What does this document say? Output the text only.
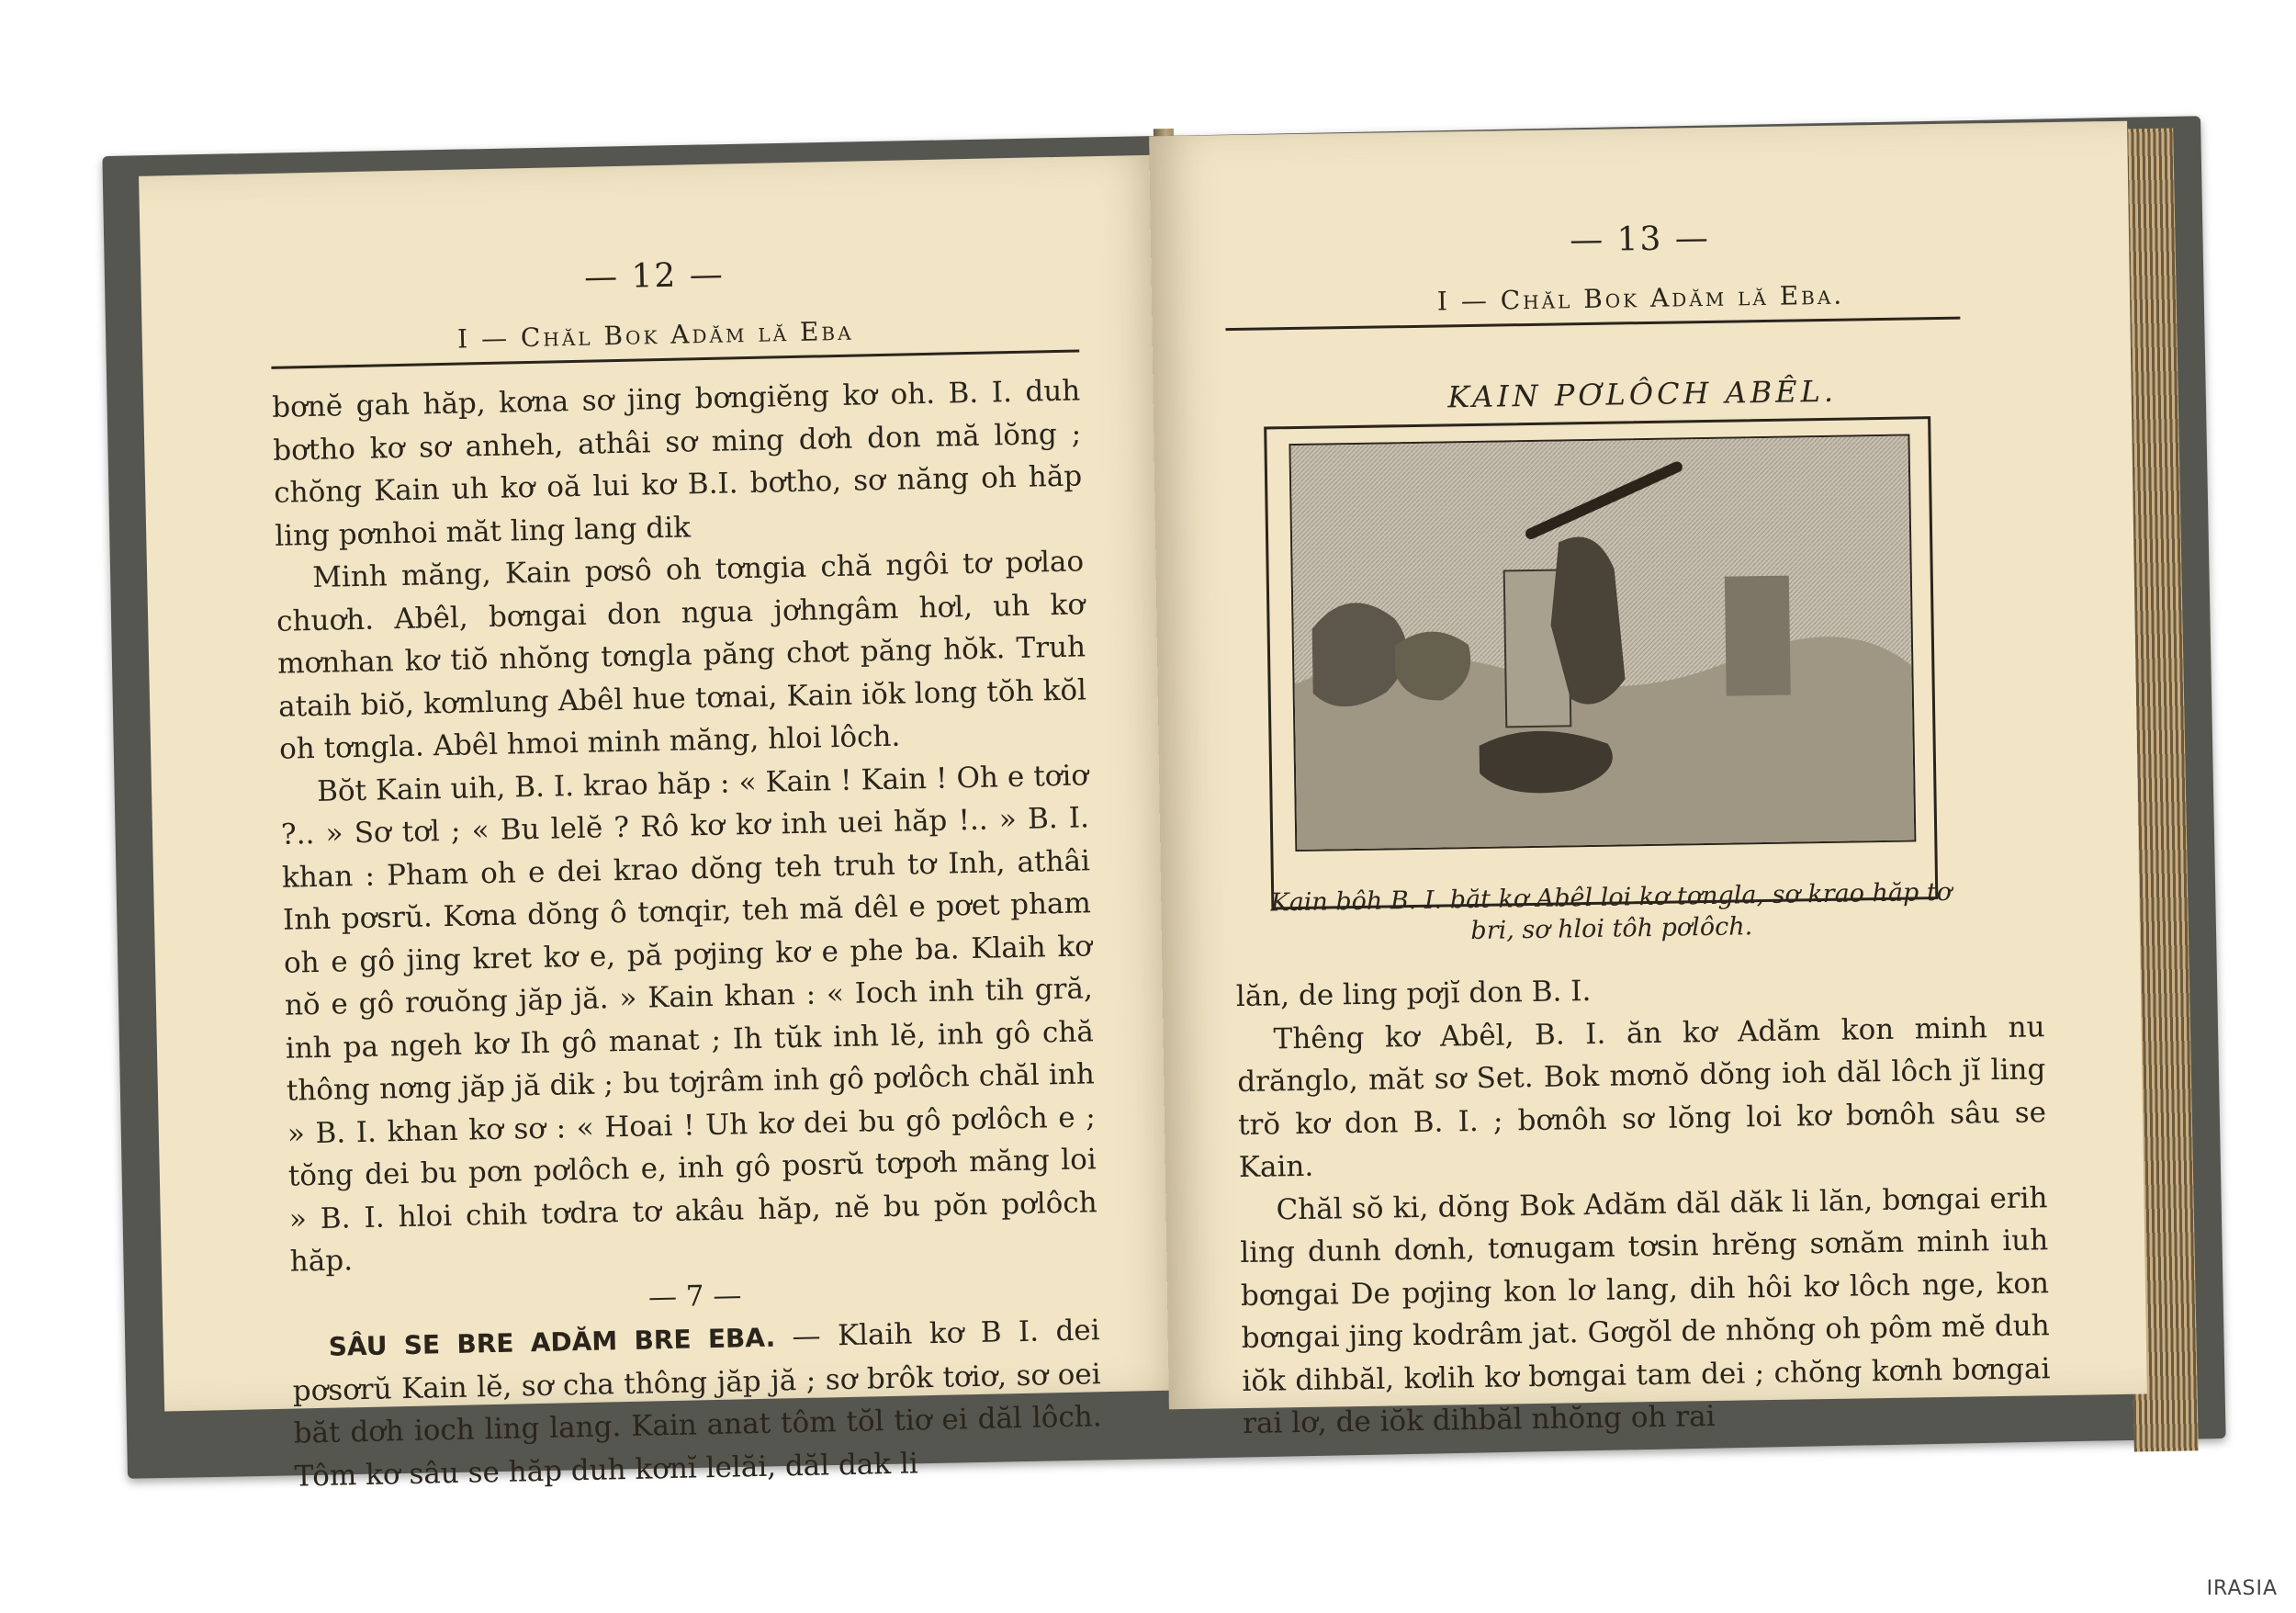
— 12 —
I — Chăl Bok Adăm lă Eba

bơnĕ gah hăp, kơna sơ jing bơngiĕng kơ oh. B. I. duh bơtho kơ sơ anheh, athâi sơ ming dơh don mă lŏng ; chŏng Kain uh kơ oă lui kơ B.I. bơtho, sơ năng oh hăp ling pơnhoi măt ling lang dik

Minh măng, Kain pơsô oh tơngia chă ngôi tơ pơlao chuơh. Abêl, bơngai don ngua jơhngâm hơl, uh kơ mơnhan kơ tiŏ nhŏng tơngla păng chơt păng hŏk. Truh ataih biŏ, kơmlung Abêl hue tơnai, Kain iŏk long tŏh kŏl oh tơngla. Abêl hmoi minh măng, hloi lôch.

Bŏt Kain uih, B. I. krao hăp : « Kain ! Kain ! Oh e tơiơ ?.. » Sơ tơl ; « Bu lelĕ ? Rô kơ kơ inh uei hăp !.. » B. I. khan : Pham oh e dei krao dŏng teh truh tơ Inh, athâi Inh pơsrŭ. Kơna dŏng ô tơnqir, teh mă dêl e pơet pham oh e gô jing kret kơ e, pă pơjing kơ e phe ba. Klaih kơ nŏ e gô rơuŏng jăp jă. » Kain khan : « Ioch inh tih gră, inh pa ngeh kơ Ih gô manat ; Ih tŭk inh lĕ, inh gô chă thông nơng jăp jă dik ; bu tơjrâm inh gô pơlôch chăl inh » B. I. khan kơ sơ : « Hoai ! Uh kơ dei bu gô pơlôch e ; tŏng dei bu pơn pơlôch e, inh gô posrŭ tơpơh măng loi » B. I. hloi chih tơdra tơ akâu hăp, nĕ bu pŏn pơlôch hăp.

— 7 —

SÂU SE BRE ADĂM BRE EBA. — Klaih kơ B I. dei pơsơrŭ Kain lĕ, sơ cha thông jăp jă ; sơ brôk tơiơ, sơ oei băt dơh ioch ling lang. Kain anat tôm tŏl tiơ ei dăl lôch. Tôm kơ sâu se hăp duh kơnĭ lelăi, dăl dak li

— 13 —
I — Chăl Bok Adăm lă Eba.
KAIN PƠLÔCH ABÊL.
Kain bôh B. I. băt kơ Abêl loi kơ tơngla, sơ krao hăp tơ bri, sơ hloi tôh pơlôch.

lăn, de ling pơjĭ don B. I.

Thêng kơ Abêl, B. I. ăn kơ Adăm kon minh nu drănglo, măt sơ Set. Bok mơnŏ dŏng ioh dăl lôch jĭ ling trŏ kơ don B. I. ; bơnôh sơ lŏng loi kơ bơnôh sâu se Kain.

Chăl sŏ ki, dŏng Bok Adăm dăl dăk li lăn, bơngai erih ling dunh dơnh, tơnugam tơsin hrĕng sơnăm minh iuh bơngai De pơjing kon lơ lang, dih hôi kơ lôch nge, kon bơngai jing kodrâm jat. Gơgŏl de nhŏng oh pôm mĕ duh iŏk dihbăl, kơlih kơ bơngai tam dei ; chŏng kơnh bơngai rai lơ, de iŏk dihbăl nhŏng oh rai

IRASIA
